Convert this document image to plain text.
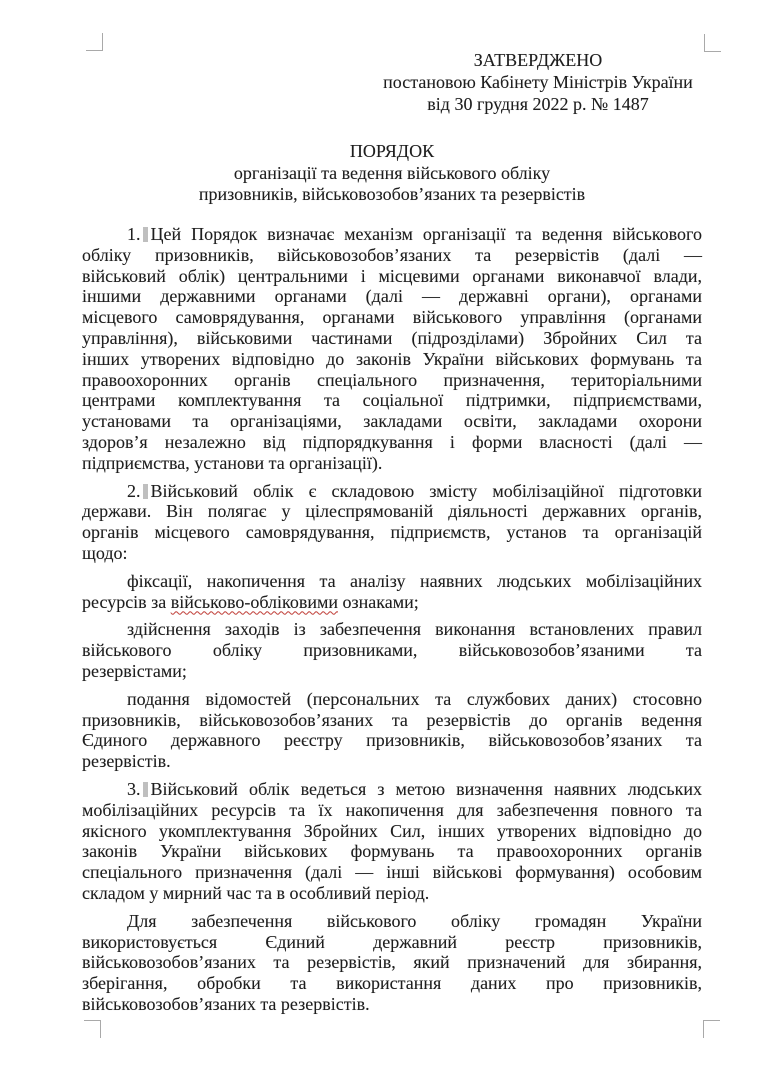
ЗАТВЕРДЖЕНО
постановою Кабінету Міністрів України
від 30 грудня 2022 р. № 1487
ПОРЯДОК
організації та ведення військового обліку
призовників, військовозобов’язаних та резервістів
1. Цей Порядок визначає механізм організації та ведення військового
обліку призовників, військовозобов’язаних та резервістів (далі —
військовий облік) центральними і місцевими органами виконавчої влади,
іншими державними органами (далі — державні органи), органами
місцевого самоврядування, органами військового управління (органами
управління), військовими частинами (підрозділами) Збройних Сил та
інших утворених відповідно до законів України військових формувань та
правоохоронних органів спеціального призначення, територіальними
центрами комплектування та соціальної підтримки, підприємствами,
установами та організаціями, закладами освіти, закладами охорони
здоров’я незалежно від підпорядкування і форми власності (далі —
підприємства, установи та організації).
2. Військовий облік є складовою змісту мобілізаційної підготовки
держави. Він полягає у цілеспрямованій діяльності державних органів,
органів місцевого самоврядування, підприємств, установ та організацій
щодо:
фіксації, накопичення та аналізу наявних людських мобілізаційних
ресурсів за військово-обліковими ознаками;
здійснення заходів із забезпечення виконання встановлених правил
військового обліку призовниками, військовозобов’язаними та
резервістами;
подання відомостей (персональних та службових даних) стосовно
призовників, військовозобов’язаних та резервістів до органів ведення
Єдиного державного реєстру призовників, військовозобов’язаних та
резервістів.
3. Військовий облік ведеться з метою визначення наявних людських
мобілізаційних ресурсів та їх накопичення для забезпечення повного та
якісного укомплектування Збройних Сил, інших утворених відповідно до
законів України військових формувань та правоохоронних органів
спеціального призначення (далі — інші військові формування) особовим
складом у мирний час та в особливий період.
Для забезпечення військового обліку громадян України
використовується Єдиний державний реєстр призовників,
військовозобов’язаних та резервістів, який призначений для збирання,
зберігання, обробки та використання даних про призовників,
військовозобов’язаних та резервістів.
